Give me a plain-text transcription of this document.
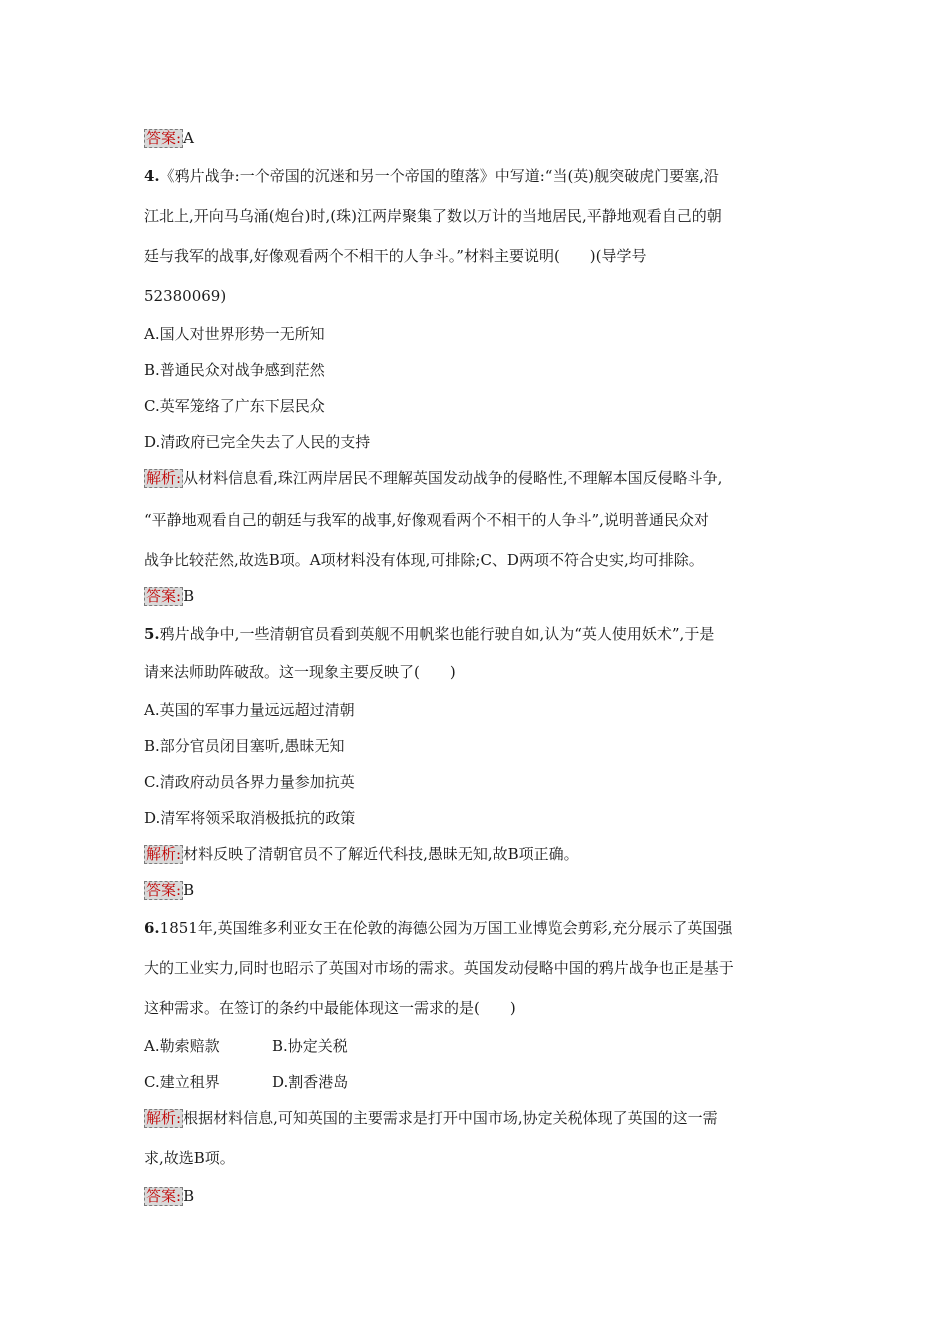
答案: A
4.《鸦片战争:一个帝国的沉迷和另一个帝国的堕落》中写道:“当(英)舰突破虎门要塞,沿
江北上,开向马乌涌(炮台)时,(珠)江两岸聚集了数以万计的当地居民,平静地观看自己的朝
廷与我军的战事,好像观看两个不相干的人争斗。”材料主要说明(　　)(导学号
52380069)
A.国人对世界形势一无所知
B.普通民众对战争感到茫然
C.英军笼络了广东下层民众
D.清政府已完全失去了人民的支持
解析: 从材料信息看,珠江两岸居民不理解英国发动战争的侵略性,不理解本国反侵略斗争,
“平静地观看自己的朝廷与我军的战事,好像观看两个不相干的人争斗”,说明普通民众对
战争比较茫然,故选B项。A项材料没有体现,可排除;C、D两项不符合史实,均可排除。
答案: B
5.鸦片战争中,一些清朝官员看到英舰不用帆桨也能行驶自如,认为“英人使用妖术”,于是
请来法师助阵破敌。这一现象主要反映了(　　)
A.英国的军事力量远远超过清朝
B.部分官员闭目塞听,愚昧无知
C.清政府动员各界力量参加抗英
D.清军将领采取消极抵抗的政策
解析: 材料反映了清朝官员不了解近代科技,愚昧无知,故B项正确。
答案: B
6.1851年,英国维多利亚女王在伦敦的海德公园为万国工业博览会剪彩,充分展示了英国强
大的工业实力,同时也昭示了英国对市场的需求。英国发动侵略中国的鸦片战争也正是基于
这种需求。在签订的条约中最能体现这一需求的是(　　)
A.勒索赔款	B.协定关税
C.建立租界	D.割香港岛
解析: 根据材料信息,可知英国的主要需求是打开中国市场,协定关税体现了英国的这一需
求,故选B项。
答案: B
